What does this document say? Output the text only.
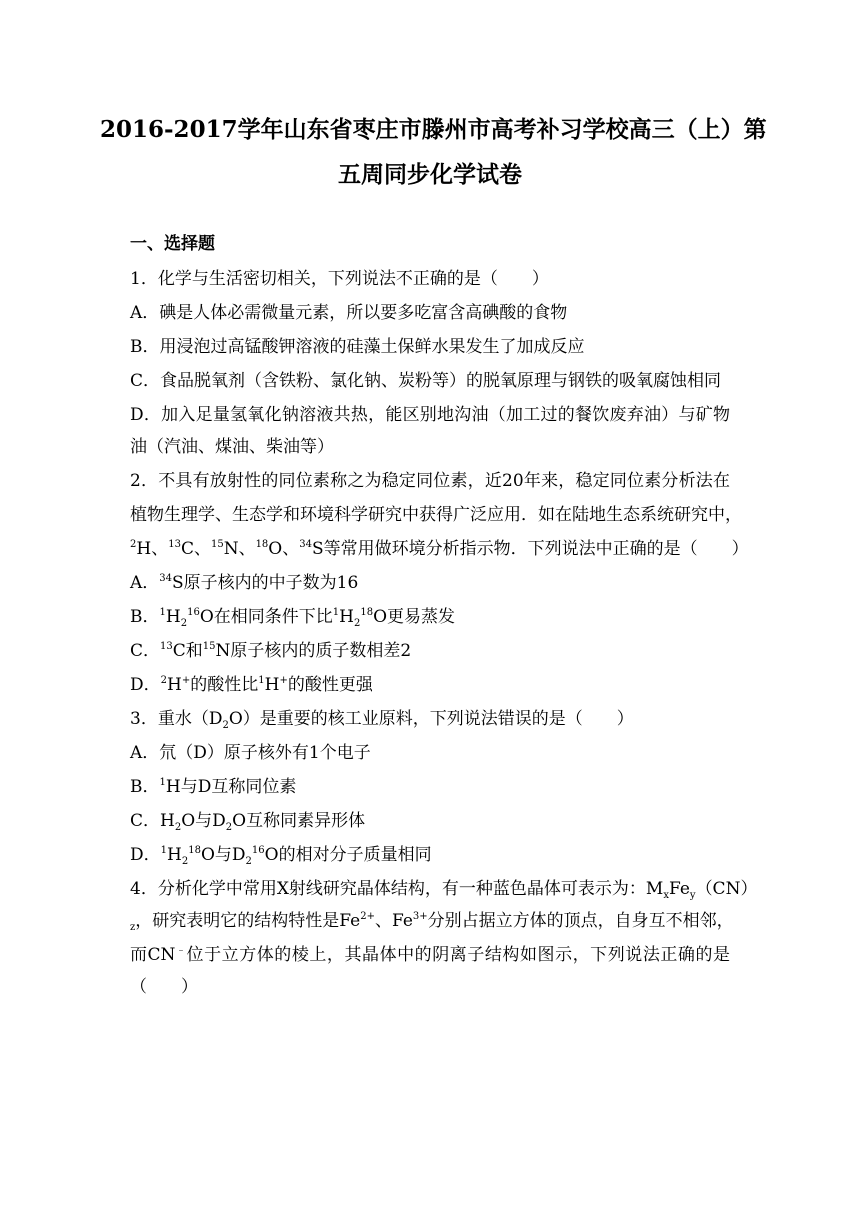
2016-2017学年山东省枣庄市滕州市高考补习学校高三（上）第
五周同步化学试卷
一、选择题
1．化学与生活密切相关，下列说法不正确的是（　　）
A．碘是人体必需微量元素，所以要多吃富含高碘酸的食物
B．用浸泡过高锰酸钾溶液的硅藻土保鲜水果发生了加成反应
C．食品脱氧剂（含铁粉、氯化钠、炭粉等）的脱氧原理与钢铁的吸氧腐蚀相同
D．加入足量氢氧化钠溶液共热，能区别地沟油（加工过的餐饮废弃油）与矿物
油（汽油、煤油、柴油等）
2．不具有放射性的同位素称之为稳定同位素，近20年来，稳定同位素分析法在
植物生理学、生态学和环境科学研究中获得广泛应用．如在陆地生态系统研究中，
$^2$H、$^{13}$C、$^{15}$N、$^{18}$O、$^{34}$S等常用做环境分析指示物．下列说法中正确的是（　　）
A．$^{34}$S原子核内的中子数为16
B．$^1H_2^{16}O$在相同条件下比$^1H_2^{18}O$更易蒸发
C．$^{13}$C和$^{15}$N原子核内的质子数相差2
D．$^2$H+的酸性比$^1$H+的酸性更强
3．重水$(D_2O)$是重要的核工业原料，下列说法错误的是（　　）
A．氘（D）原子核外有1个电子
B．$^1$H与D互称同位素
C．$H_2O$与$D_2O$互称同素异形体
D．$^1H_2^{18}O$与$D_2^{16}O$的相对分子质量相同
4．分析化学中常用X射线研究晶体结构，有一种蓝色晶体可表示为：$M_xFe_y(CN)$
$_z$，研究表明它的结构特性是$Fe^{2+}$、$Fe^{3+}$分别占据立方体的顶点，自身互不相邻，
而CN﹣位于立方体的棱上，其晶体中的阴离子结构如图示，下列说法正确的是
（　　）
